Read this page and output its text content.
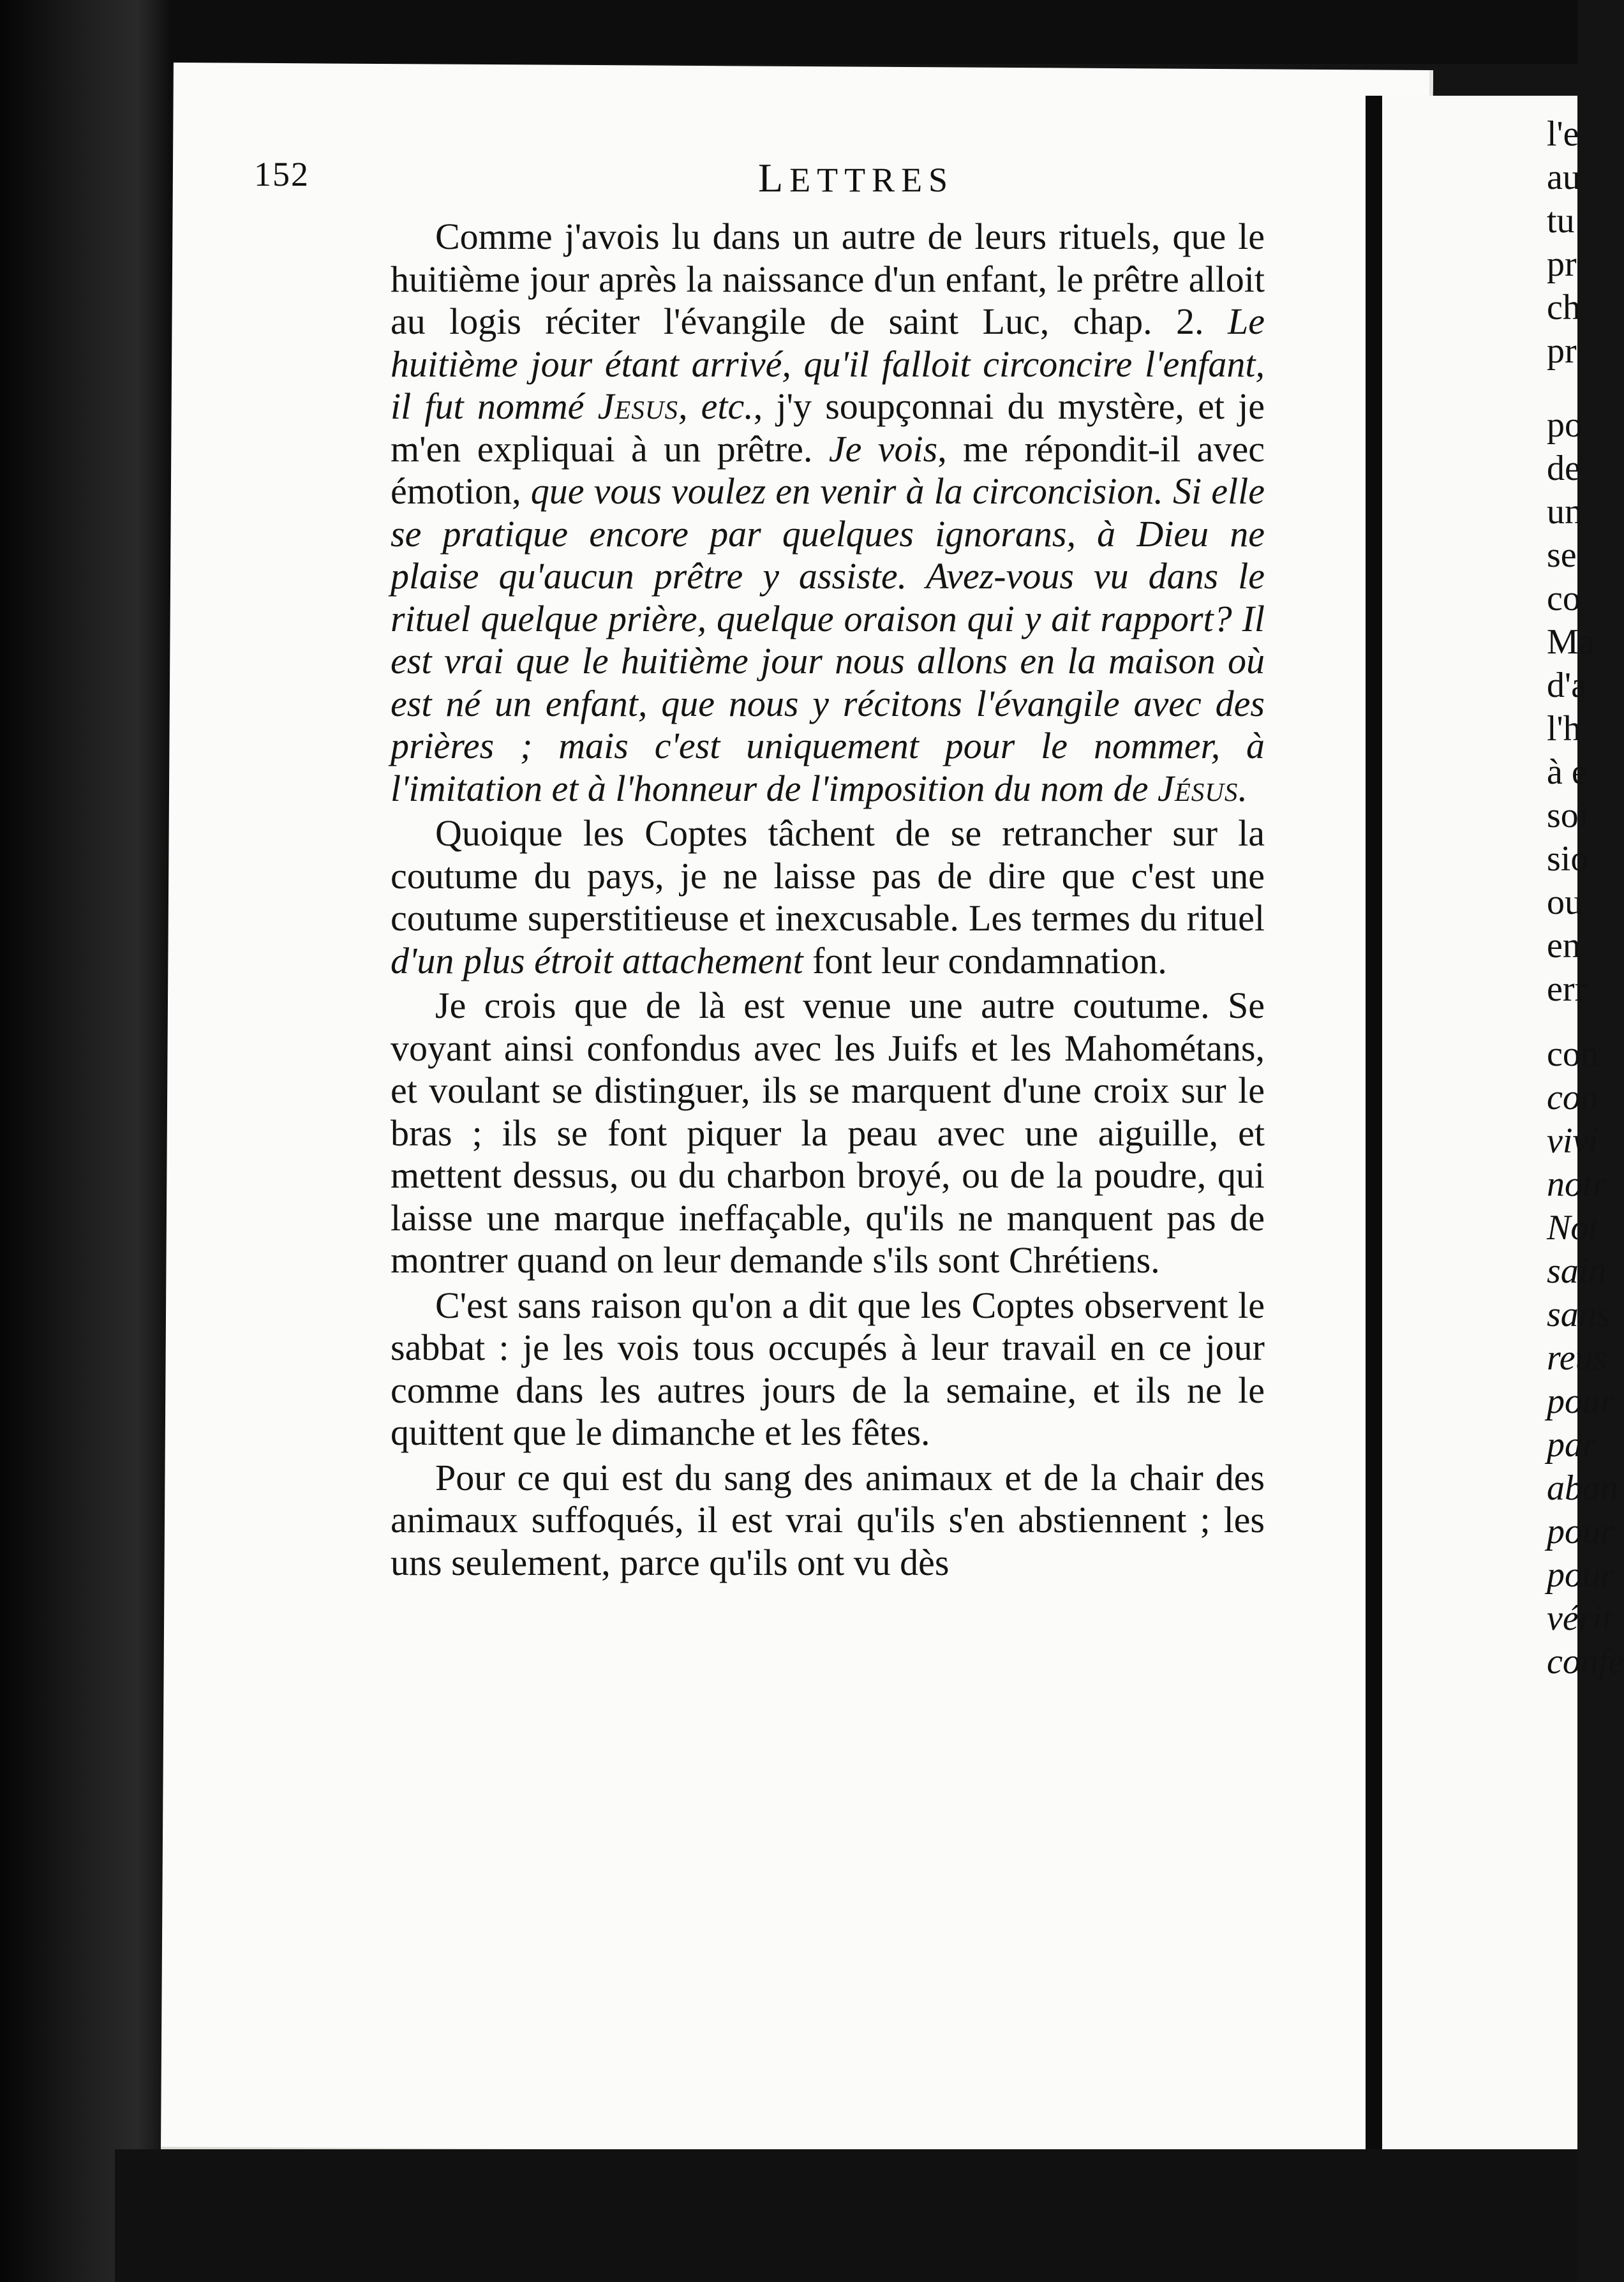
l'e
au
tu
pr
ch
pr
po
de
un
se
co
Ma
d'a
l'h
à e
soi
sio
ou
en
err
con
con
vivi
notr
Not
sain
sans
reus
pour
par
aban
pour
pour
vérit
confe
152	LETTRES

Comme j'avois lu dans un autre de leurs rituels, que le huitième jour après la naissance d'un enfant, le prêtre alloit au logis réciter l'évangile de saint Luc, chap. 2. Le huitième jour étant arrivé, qu'il falloit circoncire l'enfant, il fut nommé Jesus, etc., j'y soupçonnai du mystère, et je m'en expliquai à un prêtre. Je vois, me répondit-il avec émotion, que vous voulez en venir à la circoncision. Si elle se pratique encore par quelques ignorans, à Dieu ne plaise qu'aucun prêtre y assiste. Avez-vous vu dans le rituel quelque prière, quelque oraison qui y ait rapport? Il est vrai que le huitième jour nous allons en la maison où est né un enfant, que nous y récitons l'évangile avec des prières ; mais c'est uniquement pour le nommer, à l'imitation et à l'honneur de l'imposition du nom de Jésus.

Quoique les Coptes tâchent de se retrancher sur la coutume du pays, je ne laisse pas de dire que c'est une coutume superstitieuse et inexcusable. Les termes du rituel d'un plus étroit attachement font leur condamnation.

Je crois que de là est venue une autre coutume. Se voyant ainsi confondus avec les Juifs et les Mahométans, et voulant se distinguer, ils se marquent d'une croix sur le bras ; ils se font piquer la peau avec une aiguille, et mettent dessus, ou du charbon broyé, ou de la poudre, qui laisse une marque ineffaçable, qu'ils ne manquent pas de montrer quand on leur demande s'ils sont Chrétiens.

C'est sans raison qu'on a dit que les Coptes observent le sabbat : je les vois tous occupés à leur travail en ce jour comme dans les autres jours de la semaine, et ils ne le quittent que le dimanche et les fêtes.

Pour ce qui est du sang des animaux et de la chair des animaux suffoqués, il est vrai qu'ils s'en abstiennent ; les uns seulement, parce qu'ils ont vu dès
